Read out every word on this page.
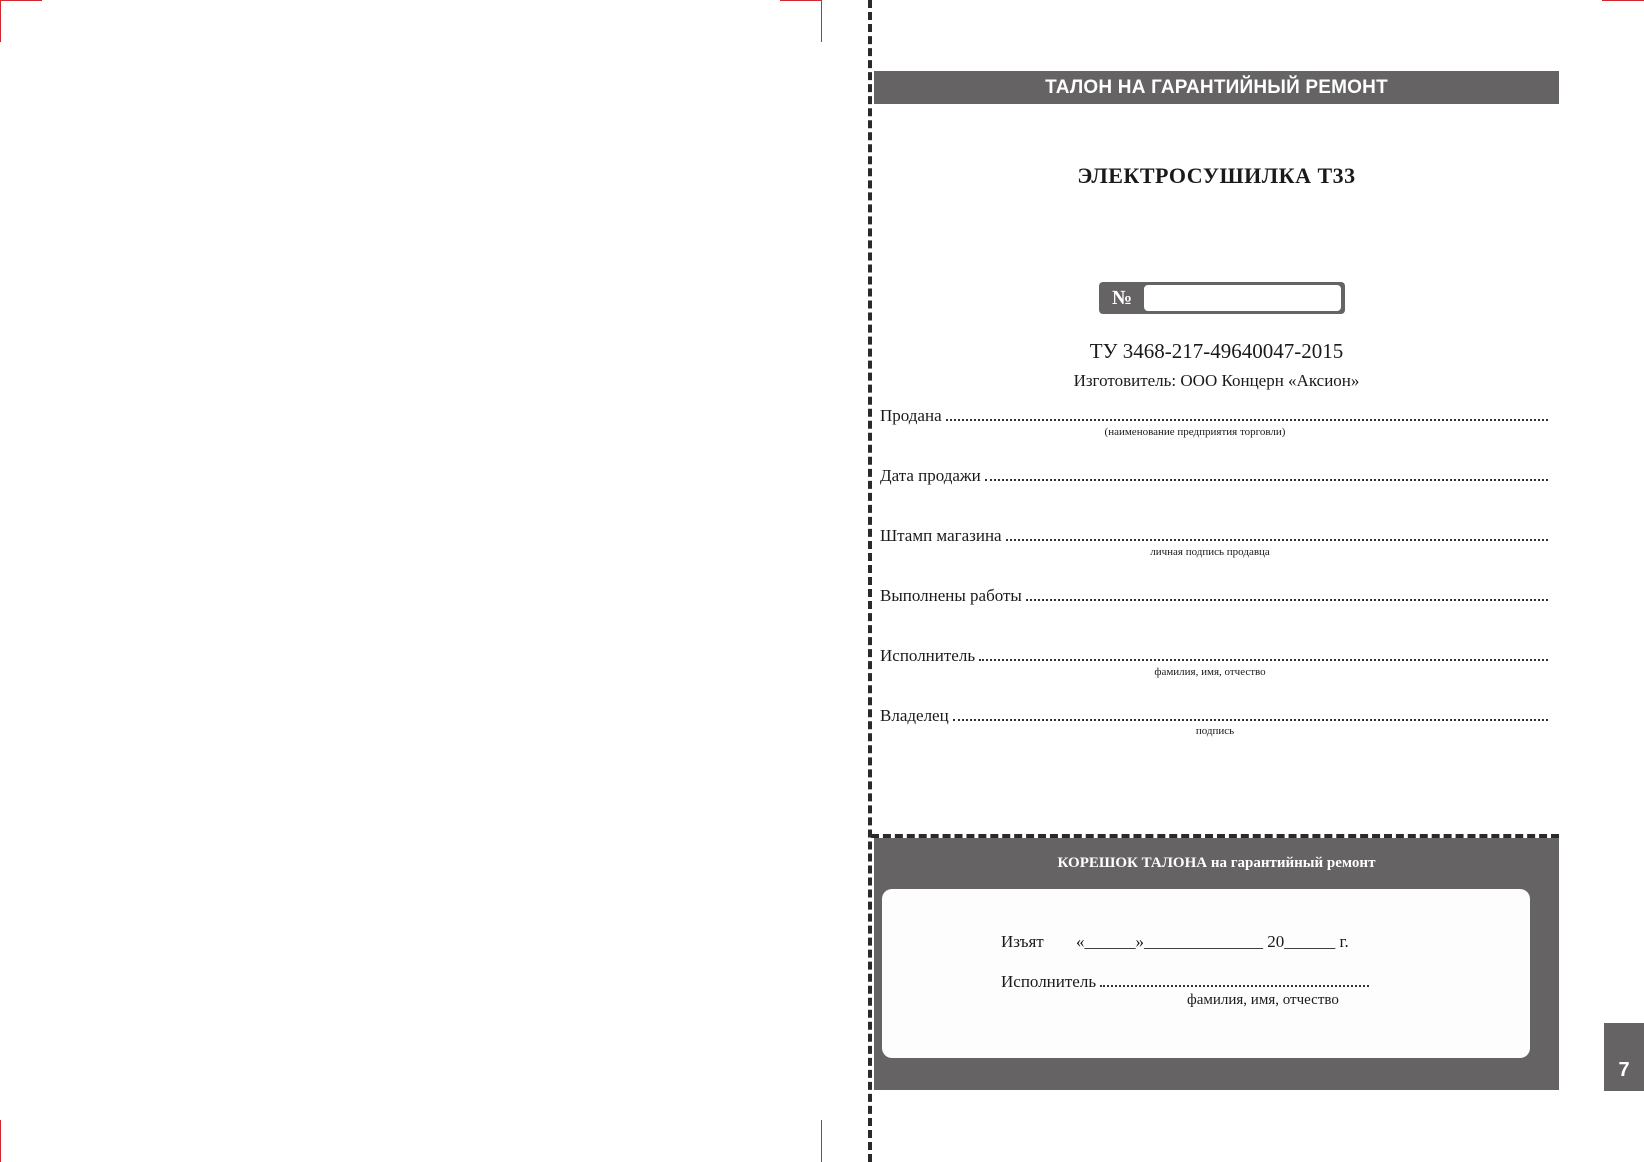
ТАЛОН НА ГАРАНТИЙНЫЙ РЕМОНТ
ЭЛЕКТРОСУШИЛКА Т33
№
ТУ 3468-217-49640047-2015
Изготовитель: ООО Концерн «Аксион»
Продана
(наименование предприятия торговли)
Дата продажи
Штамп магазина
личная подпись продавца
Выполнены работы
Исполнитель
фамилия, имя, отчество
Владелец
подпись
КОРЕШОК ТАЛОНА на гарантийный ремонт
Изъят «______»______________ 20______ г.
Исполнитель
фамилия, имя, отчество
7
